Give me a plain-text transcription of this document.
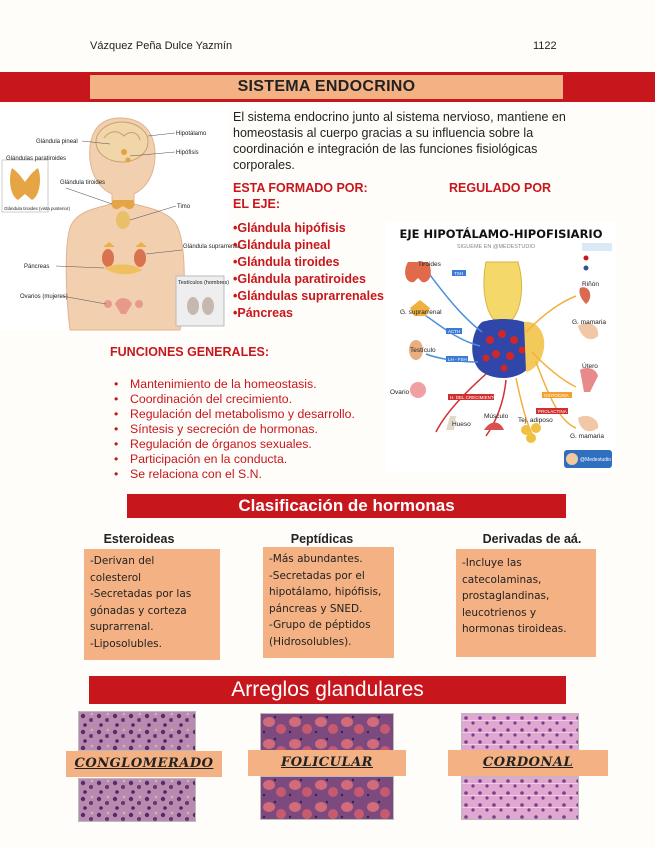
Vázquez Peña Dulce Yazmín	1122
SISTEMA ENDOCRINO
Glándula pineal
Hipotálamo
Hipófisis
Glándulas paratiroides
Glándula tiroides
Glándula tiroides (vista posterior)	Timo
Glándula suprarrenal
Páncreas
Testículos (hombres)
Ovarios (mujeres)
El sistema endocrino junto al sistema nervioso, mantiene en homeostasis al cuerpo gracias a su influencia sobre la coordinación e integración de las funciones fisiológicas corporales.
ESTA FORMADO POR:	REGULADO POR
EL EJE:
• Glándula hipófisis
• Glándula pineal
• Glándula tiroides
• Glándula paratiroides
• Glándulas suprarrenales
• Páncreas
EJE HIPOTÁLAMO-HIPOFISIARIO
SIGUEME EN @MEDESTUDIO
TSH
ACTH
LH - FSH
H. DEL CRECIMIENTO	OXITOCINA
PROLACTINA
Tiroides
G. suprarrenal
Testículo
Ovario
Hueso
Músculo
Tej. adiposo
Riñón
G. mamaria
Útero
G. mamaria
@Medestudio
FUNCIONES GENERALES:
• Mantenimiento de la homeostasis.
• Coordinación del crecimiento.
• Regulación del metabolismo y desarrollo.
• Síntesis y secreción de hormonas.
• Regulación de órganos sexuales.
• Participación en la conducta.
• Se relaciona con el S.N.
Clasificación de hormonas
Esteroideas	Peptídicas	Derivadas de aá.
-Derivan del
colesterol
-Secretadas por las
gónadas y corteza
suprarrenal.
-Liposolubles.
-Más abundantes.
-Secretadas por el
hipotálamo, hipófisis,
páncreas y SNED.
-Grupo de péptidos
(Hidrosolubles).
-Incluye las
catecolaminas,
prostaglandinas,
leucotrienos y
hormonas tiroideas.
Arreglos glandulares
CONGLOMERADO	FOLICULAR	CORDONAL
